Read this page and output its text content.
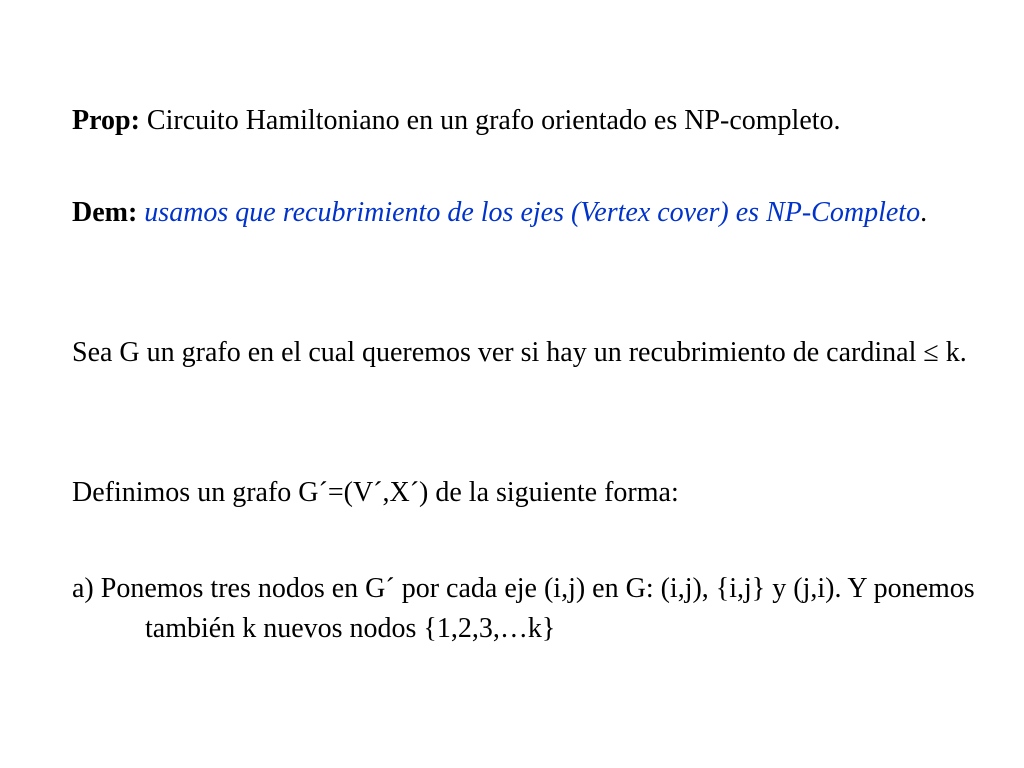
Prop: Circuito Hamiltoniano en un grafo orientado es NP-completo.
Dem: usamos que recubrimiento de los ejes (Vertex cover) es NP-Completo.
Sea G un grafo en el cual queremos ver si hay un recubrimiento de cardinal ≤ k.
Definimos un grafo G´=(V´,X´) de la siguiente forma:
a) Ponemos tres nodos en G´ por cada eje (i,j) en G: (i,j), {i,j} y (j,i). Y ponemos también k nuevos nodos {1,2,3,…k}
